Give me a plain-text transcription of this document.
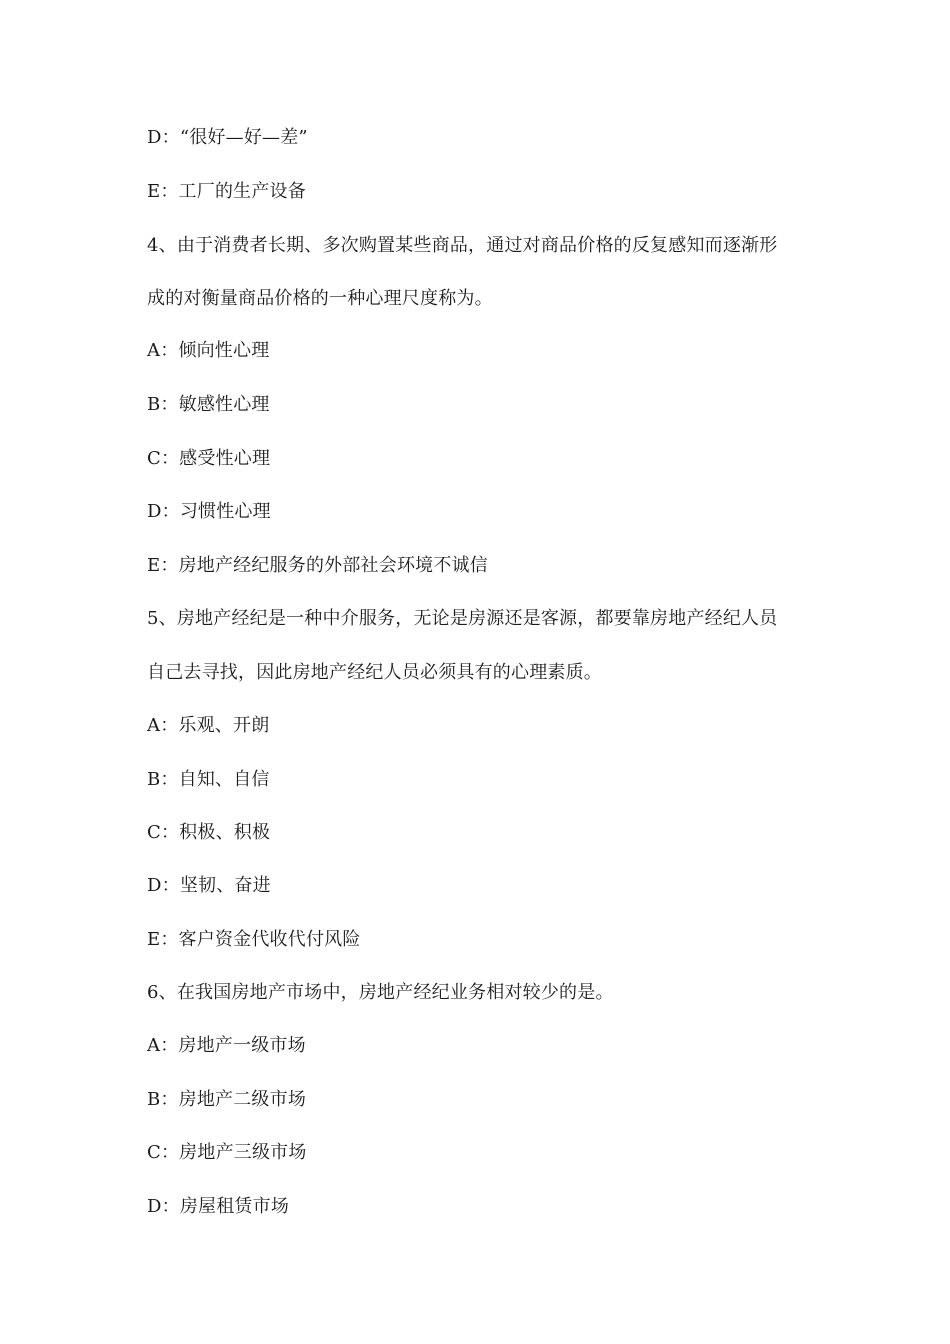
D：“很好—好—差”
E：工厂的生产设备
4、由于消费者长期、多次购置某些商品，通过对商品价格的反复感知而逐渐形
成的对衡量商品价格的一种心理尺度称为。
A：倾向性心理
B：敏感性心理
C：感受性心理
D：习惯性心理
E：房地产经纪服务的外部社会环境不诚信
5、房地产经纪是一种中介服务，无论是房源还是客源，都要靠房地产经纪人员
自己去寻找，因此房地产经纪人员必须具有的心理素质。
A：乐观、开朗
B：自知、自信
C：积极、积极
D：坚韧、奋进
E：客户资金代收代付风险
6、在我国房地产市场中，房地产经纪业务相对较少的是。
A：房地产一级市场
B：房地产二级市场
C：房地产三级市场
D：房屋租赁市场
